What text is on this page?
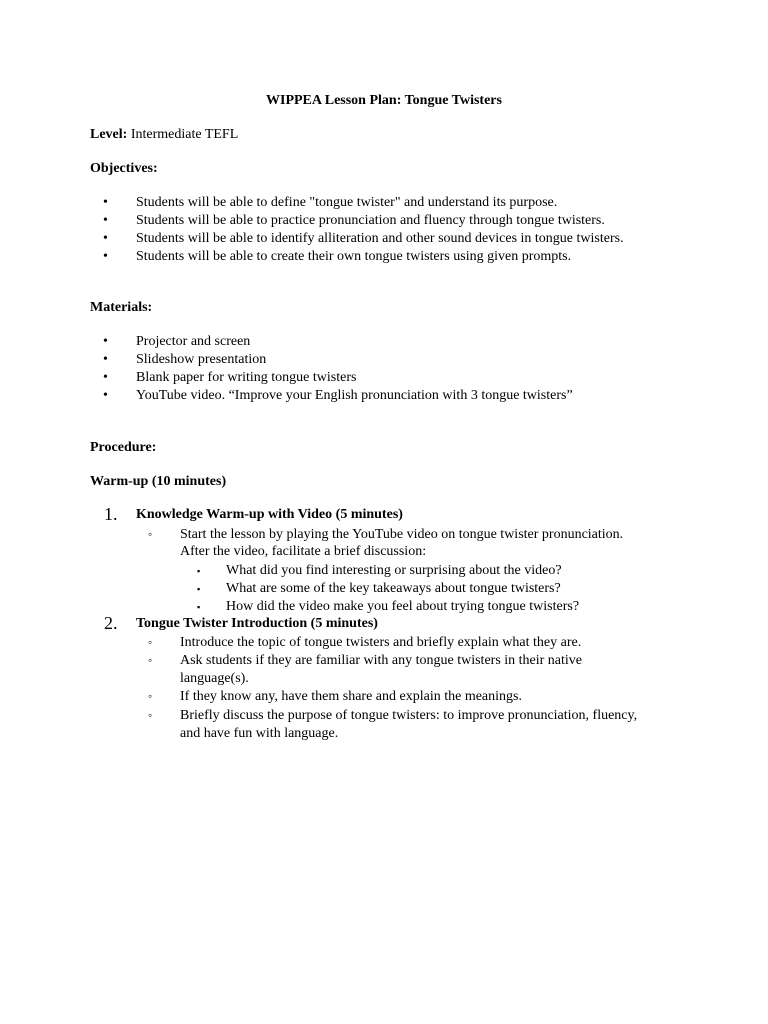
WIPPEA Lesson Plan: Tongue Twisters
Level: Intermediate TEFL
Objectives:
• Students will be able to define "tongue twister" and understand its purpose.
• Students will be able to practice pronunciation and fluency through tongue twisters.
• Students will be able to identify alliteration and other sound devices in tongue twisters.
• Students will be able to create their own tongue twisters using given prompts.
Materials:
• Projector and screen
• Slideshow presentation
• Blank paper for writing tongue twisters
• YouTube video. “Improve your English pronunciation with 3 tongue twisters”
Procedure:
Warm-up (10 minutes)
1. Knowledge Warm-up with Video (5 minutes)
◦ Start the lesson by playing the YouTube video on tongue twister pronunciation.
After the video, facilitate a brief discussion:
▪ What did you find interesting or surprising about the video?
▪ What are some of the key takeaways about tongue twisters?
▪ How did the video make you feel about trying tongue twisters?
2. Tongue Twister Introduction (5 minutes)
◦ Introduce the topic of tongue twisters and briefly explain what they are.
◦ Ask students if they are familiar with any tongue twisters in their native
language(s).
◦ If they know any, have them share and explain the meanings.
◦ Briefly discuss the purpose of tongue twisters: to improve pronunciation, fluency,
and have fun with language.
